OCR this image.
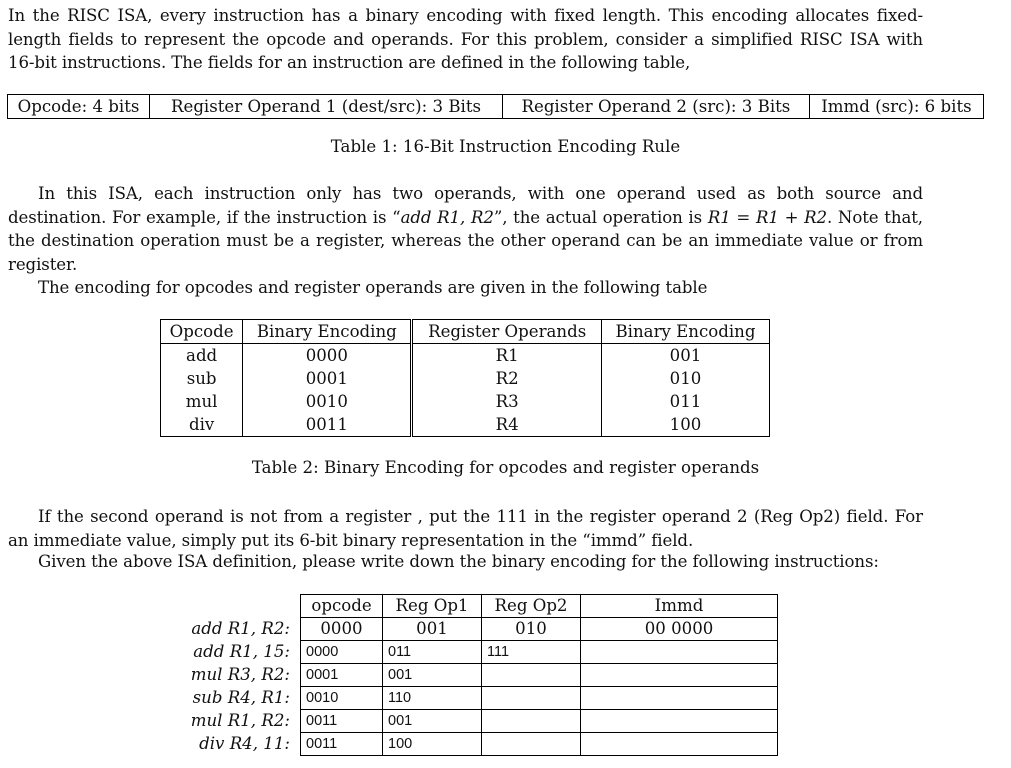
In the RISC ISA, every instruction has a binary encoding with fixed length. This encoding allocates fixed-length fields to represent the opcode and operands. For this problem, consider a simplified RISC ISA with 16-bit instructions. The fields for an instruction are defined in the following table,

Opcode: 4 bits	Register Operand 1 (dest/src): 3 Bits	Register Operand 2 (src): 3 Bits	Immd (src): 6 bits
Table 1: 16-Bit Instruction Encoding Rule

In this ISA, each instruction only has two operands, with one operand used as both source and destination. For example, if the instruction is “add R1, R2”, the actual operation is R1 = R1 + R2. Note that, the destination operation must be a register, whereas the other operand can be an immediate value or from register.

The encoding for opcodes and register operands are given in the following table

Opcode	Binary Encoding	Register Operands	Binary Encoding
add	0000	R1	001
sub	0001	R2	010
mul	0010	R3	011
div	0011	R4	100
Table 2: Binary Encoding for opcodes and register operands

If the second operand is not from a register , put the 111 in the register operand 2 (Reg Op2) field. For an immediate value, simply put its 6-bit binary representation in the “immd” field.

Given the above ISA definition, please write down the binary encoding for the following instructions:

	opcode	Reg Op1	Reg Op2	Immd
add R1, R2:	0000	001	010	00 0000
add R1, 15:	0000	011	111	
mul R3, R2:	0001	001		
sub R4, R1:	0010	110		
mul R1, R2:	0011	001		
div R4, 11:	0011	100		
